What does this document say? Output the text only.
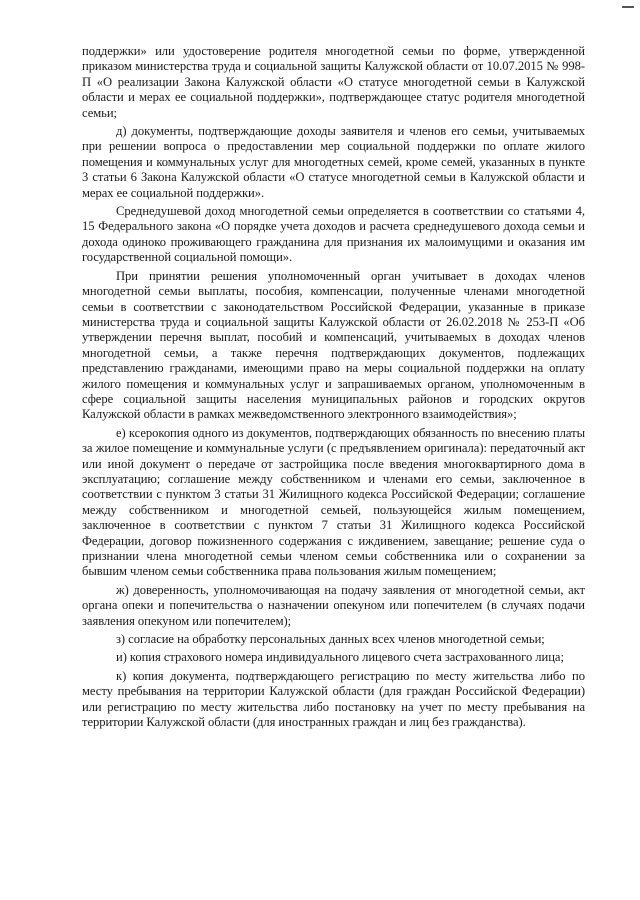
поддержки» или удостоверение родителя многодетной семьи по форме, утвержденной приказом министерства труда и социальной защиты Калужской области от 10.07.2015 № 998-П «О реализации Закона Калужской области «О статусе многодетной семьи в Калужской области и мерах ее социальной поддержки», подтверждающее статус родителя многодетной семьи;

д) документы, подтверждающие доходы заявителя и членов его семьи, учитываемых при решении вопроса о предоставлении мер социальной поддержки по оплате жилого помещения и коммунальных услуг для многодетных семей, кроме семей, указанных в пункте 3 статьи 6 Закона Калужской области «О статусе многодетной семьи в Калужской области и мерах ее социальной поддержки».

Среднедушевой доход многодетной семьи определяется в соответствии со статьями 4, 15 Федерального закона «О порядке учета доходов и расчета среднедушевого дохода семьи и дохода одиноко проживающего гражданина для признания их малоимущими и оказания им государственной социальной помощи».

При принятии решения уполномоченный орган учитывает в доходах членов многодетной семьи выплаты, пособия, компенсации, полученные членами многодетной семьи в соответствии с законодательством Российской Федерации, указанные в приказе министерства труда и социальной защиты Калужской области от 26.02.2018 № 253-П «Об утверждении перечня выплат, пособий и компенсаций, учитываемых в доходах членов многодетной семьи, а также перечня подтверждающих документов, подлежащих представлению гражданами, имеющими право на меры социальной поддержки на оплату жилого помещения и коммунальных услуг и запрашиваемых органом, уполномоченным в сфере социальной защиты населения муниципальных районов и городских округов Калужской области в рамках межведомственного электронного взаимодействия»;

е) ксерокопия одного из документов, подтверждающих обязанность по внесению платы за жилое помещение и коммунальные услуги (с предъявлением оригинала): передаточный акт или иной документ о передаче от застройщика после введения многоквартирного дома в эксплуатацию; соглашение между собственником и членами его семьи, заключенное в соответствии с пунктом 3 статьи 31 Жилищного кодекса Российской Федерации; соглашение между собственником и многодетной семьей, пользующейся жилым помещением, заключенное в соответствии с пунктом 7 статьи 31 Жилищного кодекса Российской Федерации, договор пожизненного содержания с иждивением, завещание; решение суда о признании члена многодетной семьи членом семьи собственника или о сохранении за бывшим членом семьи собственника права пользования жилым помещением;

ж) доверенность, уполномочивающая на подачу заявления от многодетной семьи, акт органа опеки и попечительства о назначении опекуном или попечителем (в случаях подачи заявления опекуном или попечителем);

з) согласие на обработку персональных данных всех членов многодетной семьи;

и) копия страхового номера индивидуального лицевого счета застрахованного лица;

к) копия документа, подтверждающего регистрацию по месту жительства либо по месту пребывания на территории Калужской области (для граждан Российской Федерации) или регистрацию по месту жительства либо постановку на учет по месту пребывания на территории Калужской области (для иностранных граждан и лиц без гражданства).
